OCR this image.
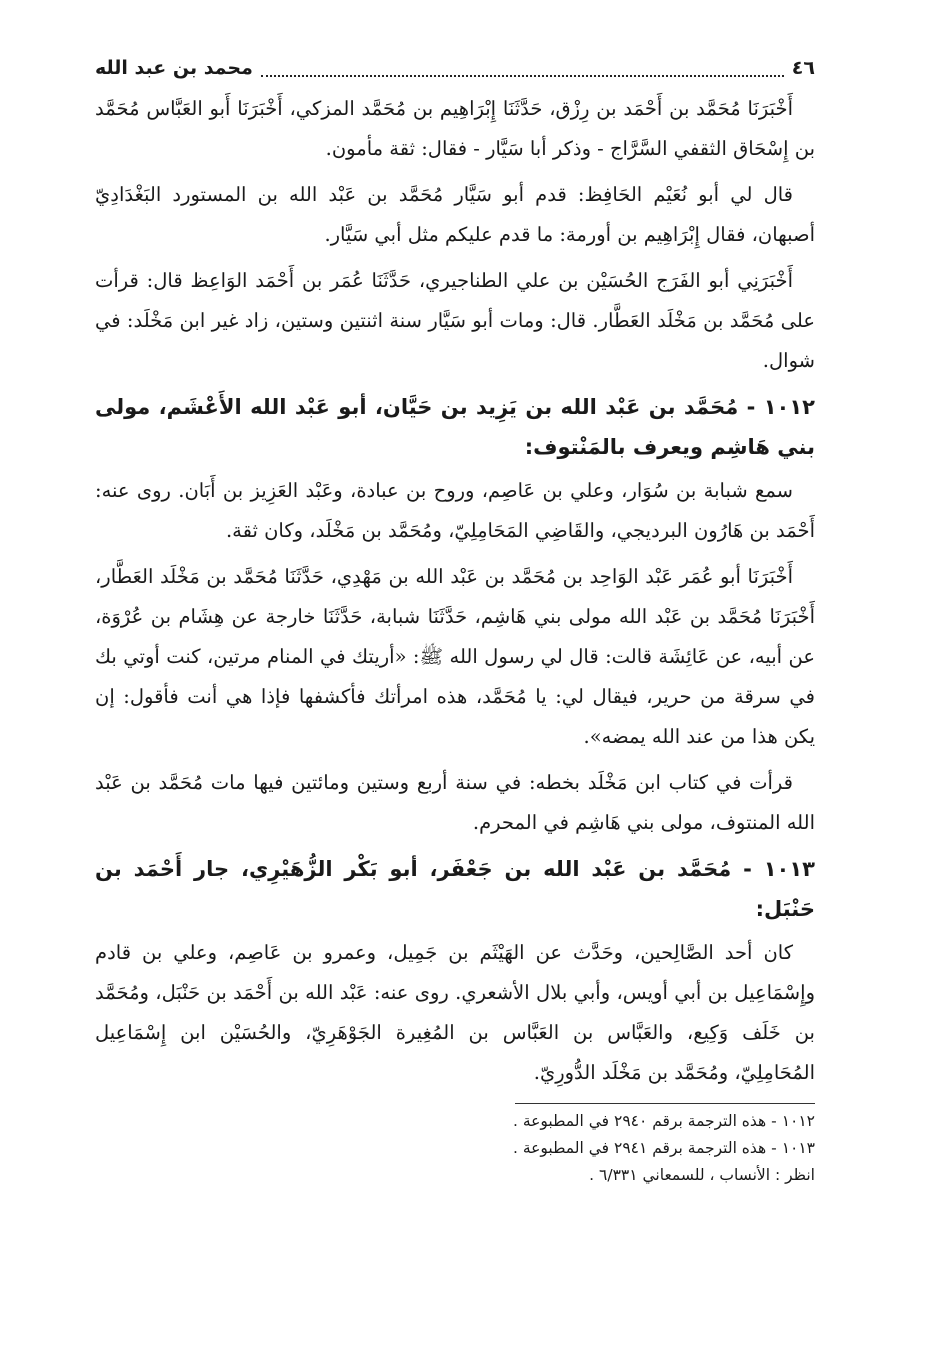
٤٦
محمد بن عبد الله

أَخْبَرَنَا مُحَمَّد بن أَحْمَد بن رِزْق، حَدَّثَنَا إِبْرَاهِيم بن مُحَمَّد المزكي، أَخْبَرَنَا أَبو العَبَّاس مُحَمَّد بن إِسْحَاق الثقفي السَّرَّاج - وذكر أبا سَيَّار - فقال: ثقة مأمون.

قال لي أبو نُعَيْم الحَافِظ: قدم أبو سَيَّار مُحَمَّد بن عَبْد الله بن المستورد البَغْدَادِيّ أصبهان، فقال إِبْرَاهِيم بن أورمة: ما قدم عليكم مثل أبي سَيَّار.

أَخْبَرَنِي أبو الفَرَج الحُسَيْن بن علي الطناجيري، حَدَّثَنَا عُمَر بن أَحْمَد الوَاعِظ قال: قرأت على مُحَمَّد بن مَخْلَد العَطَّار. قال: ومات أبو سَيَّار سنة اثنتين وستين، زاد غير ابن مَخْلَد: في شوال.

١٠١٢ - مُحَمَّد بن عَبْد الله بن يَزِيد بن حَيَّان، أبو عَبْد الله الأَعْشَم، مولى بني هَاشِم ويعرف بالمَنْتوف:

سمع شبابة بن سُوَار، وعلي بن عَاصِم، وروح بن عبادة، وعَبْد العَزِيز بن أَبَان. روى عنه: أَحْمَد بن هَارُون البرديجي، والقَاضِي المَحَامِلِيّ، ومُحَمَّد بن مَخْلَد، وكان ثقة.

أَخْبَرَنَا أبو عُمَر عَبْد الوَاحِد بن مُحَمَّد بن عَبْد الله بن مَهْدِي، حَدَّثَنَا مُحَمَّد بن مَخْلَد العَطَّار، أَخْبَرَنَا مُحَمَّد بن عَبْد الله مولى بني هَاشِم، حَدَّثَنَا شبابة، حَدَّثَنَا خارجة عن هِشَام بن عُرْوَة، عن أبيه، عن عَائِشَة قالت: قال لي رسول الله ﷺ: «أريتك في المنام مرتين، كنت أوتي بك في سرقة من حرير، فيقال لي: يا مُحَمَّد، هذه امرأتك فأكشفها فإذا هي أنت فأقول: إن يكن هذا من عند الله يمضه».

قرأت في كتاب ابن مَخْلَد بخطه: في سنة أربع وستين ومائتين فيها مات مُحَمَّد بن عَبْد الله المنتوف، مولى بني هَاشِم في المحرم.

١٠١٣ - مُحَمَّد بن عَبْد الله بن جَعْفَر، أبو بَكْر الزُّهَيْرِي، جار أَحْمَد بن حَنْبَل:

كان أحد الصَّالِحين، وحَدَّث عن الهَيْثَم بن جَمِيل، وعمرو بن عَاصِم، وعلي بن قادم وإِسْمَاعِيل بن أبي أويس، وأبي بلال الأشعري. روى عنه: عَبْد الله بن أَحْمَد بن حَنْبَل، ومُحَمَّد بن خَلَف وَكِيع، والعَبَّاس بن العَبَّاس بن المُغِيرة الجَوْهَرِيّ، والحُسَيْن ابن إِسْمَاعِيل المُحَامِلِيّ، ومُحَمَّد بن مَخْلَد الدُّورِيّ.

١٠١٢ - هذه الترجمة برقم ٢٩٤٠ في المطبوعة .
١٠١٣ - هذه الترجمة برقم ٢٩٤١ في المطبوعة .
انظر : الأنساب ، للسمعاني ٦/٣٣١ .
